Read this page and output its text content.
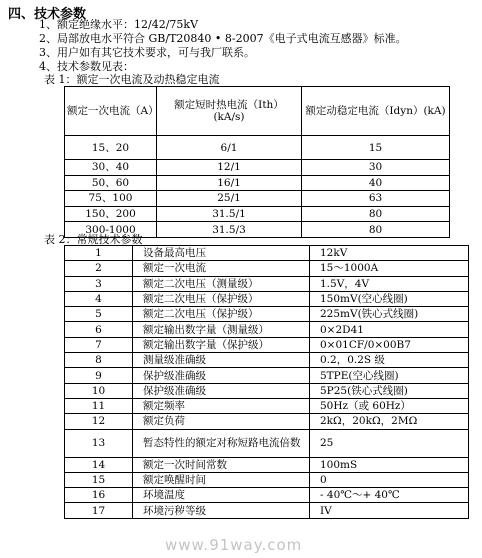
四、技术参数
1、额定绝缘水平：12/42/75kV
2、局部放电水平符合 GB/T20840 • 8-2007《电子式电流互感器》标准。
3、用户如有其它技术要求，可与我厂联系。
4、技术参数见表：
表 1：额定一次电流及动热稳定电流
额定一次电流（A）	额定短时热电流（Ith）(kA/s)	额定动稳定电流（Idyn）(kA)
15、20	6/1	15
30、40	12/1	30
50、60	16/1	40
75、100	25/1	63
150、200	31.5/1	80
300-1000	31.5/3	80
表 2：常规技术参数
1	设备最高电压	12kV
2	额定一次电流	15～1000A
3	额定二次电压（测量级）	1.5V，4V
4	额定二次电压（保护级）	150mV(空心线圈)
5	额定二次电压（保护级）	225mV(铁心式线圈)
6	额定输出数字量（测量级）	0×2D41
7	额定输出数字量（保护级）	0×01CF/0×00B7
8	测量级准确级	0.2，0.2S 级
9	保护级准确级	5TPE(空心线圈)
10	保护级准确级	5P25(铁心式线圈)
11	额定频率	50Hz（或 60Hz）
12	额定负荷	2kΩ，20kΩ，2MΩ
13	暂态特性的额定对称短路电流倍数	25
14	额定一次时间常数	100mS
15	额定唤醒时间	0
16	环境温度	- 40℃～+ 40℃
17	环境污秽等级	IV
www.91way.com
